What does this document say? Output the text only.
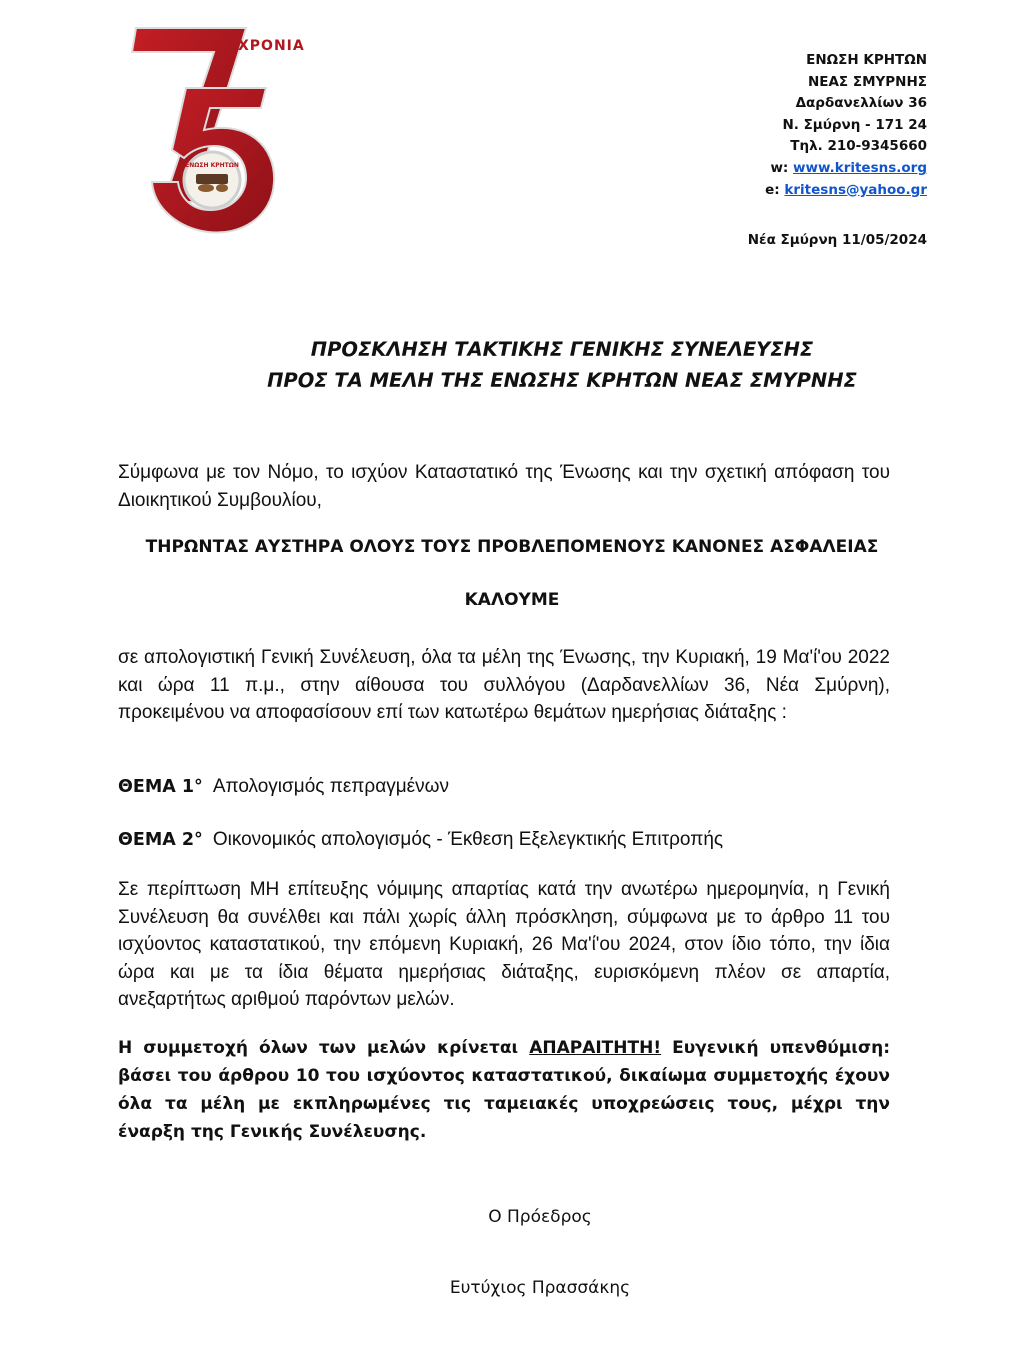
ΕΝΩΣΗ ΚΡΗΤΩΝ
ΧΡΟΝΙΑ
ΕΝΩΣΗ ΚΡΗΤΩΝ
ΝΕΑΣ ΣΜΥΡΝΗΣ
Δαρδανελλίων 36
Ν. Σμύρνη - 171 24
Τηλ. 210-9345660
w: www.kritesns.org
e: kritesns@yahoo.gr
Νέα Σμύρνη 11/05/2024
ΠΡΟΣΚΛΗΣΗ ΤΑΚΤΙΚΗΣ ΓΕΝΙΚΗΣ ΣΥΝΕΛΕΥΣΗΣ
ΠΡΟΣ ΤΑ ΜΕΛΗ ΤΗΣ ΕΝΩΣΗΣ ΚΡΗΤΩΝ ΝΕΑΣ ΣΜΥΡΝΗΣ
Σύμφωνα με τον Νόμο, το ισχύον Καταστατικό της Ένωσης και την σχετική απόφαση του Διοικητικού Συμβουλίου,
ΤΗΡΩΝΤΑΣ ΑΥΣΤΗΡΑ ΟΛΟΥΣ ΤΟΥΣ ΠΡΟΒΛΕΠΟΜΕΝΟΥΣ ΚΑΝΟΝΕΣ ΑΣΦΑΛΕΙΑΣ
ΚΑΛΟΥΜΕ
σε απολογιστική Γενική Συνέλευση, όλα τα μέλη της Ένωσης, την Κυριακή, 19 Μα'ί'ου 2022 και ώρα 11 π.μ., στην αίθουσα του συλλόγου (Δαρδανελλίων 36, Νέα Σμύρνη), προκειμένου να αποφασίσουν επί των κατωτέρω θεμάτων ημερήσιας διάταξης :
ΘΕΜΑ 1° Απολογισμός πεπραγμένων
ΘΕΜΑ 2° Οικονομικός απολογισμός - Έκθεση Εξελεγκτικής Επιτροπής
Σε περίπτωση ΜΗ επίτευξης νόμιμης απαρτίας κατά την ανωτέρω ημερομηνία, η Γενική Συνέλευση θα συνέλθει και πάλι χωρίς άλλη πρόσκληση, σύμφωνα με το άρθρο 11 του ισχύοντος καταστατικού, την επόμενη Κυριακή, 26 Μα'ί'ου 2024, στον ίδιο τόπο, την ίδια ώρα και με τα ίδια θέματα ημερήσιας διάταξης, ευρισκόμενη πλέον σε απαρτία, ανεξαρτήτως αριθμού παρόντων μελών.
Η συμμετοχή όλων των μελών κρίνεται ΑΠΑΡΑΙΤΗΤΗ! Ευγενική υπενθύμιση: βάσει του άρθρου 10 του ισχύοντος καταστατικού, δικαίωμα συμμετοχής έχουν όλα τα μέλη με εκπληρωμένες τις ταμειακές υποχρεώσεις τους, μέχρι την έναρξη της Γενικής Συνέλευσης.
Ο Πρόεδρος
Ευτύχιος Πρασσάκης
